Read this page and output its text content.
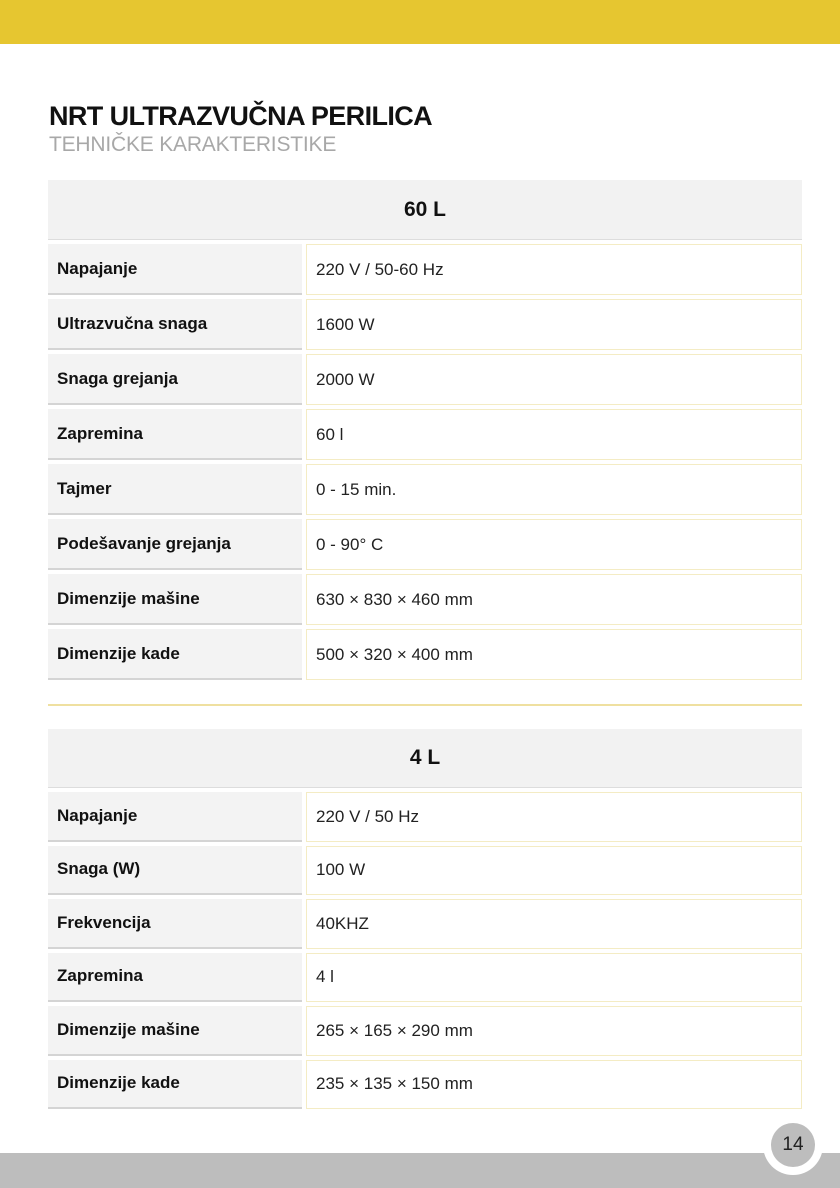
NRT ULTRAZVUČNA PERILICA
TEHNIČKE KARAKTERISTIKE
60 L
Napajanje	220 V / 50-60 Hz
Ultrazvučna snaga	1600 W
Snaga grejanja	2000 W
Zapremina	60 l
Tajmer	0 - 15 min.
Podešavanje grejanja	0 - 90° C
Dimenzije mašine	630 × 830 × 460 mm
Dimenzije kade	500 × 320 × 400 mm
4 L
Napajanje	220 V / 50 Hz
Snaga (W)	100 W
Frekvencija	40KHZ
Zapremina	4 l
Dimenzije mašine	265 × 165 × 290 mm
Dimenzije kade	235 × 135 × 150 mm
14
